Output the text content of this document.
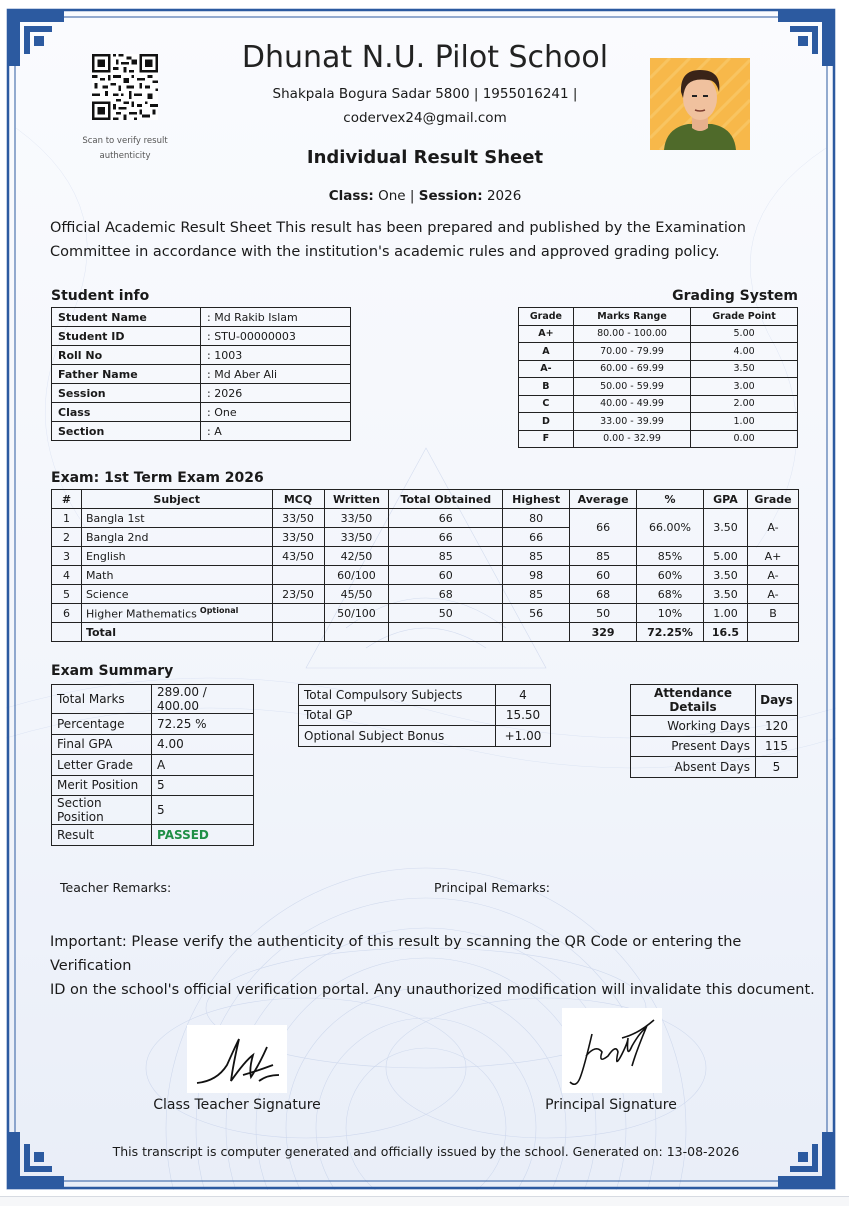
Scan to verify result
authenticity
Dhunat N.U. Pilot School
Shakpala Bogura Sadar 5800 | 1955016241 |
codervex24@gmail.com
Individual Result Sheet
Class: One | Session: 2026
Official Academic Result Sheet This result has been prepared and published by the Examination
Committee in accordance with the institution's academic rules and approved grading policy.
Student info
Student Name	: Md Rakib Islam
Student ID	: STU-00000003
Roll No	: 1003
Father Name	: Md Aber Ali
Session	: 2026
Class	: One
Section	: A
Grading System
Grade	Marks Range	Grade Point
A+	80.00 - 100.00	5.00
A	70.00 - 79.99	4.00
A-	60.00 - 69.99	3.50
B	50.00 - 59.99	3.00
C	40.00 - 49.99	2.00
D	33.00 - 39.99	1.00
F	0.00 - 32.99	0.00
Exam: 1st Term Exam 2026
#	Subject	MCQ	Written	Total Obtained	Highest	Average	%	GPA	Grade
1	Bangla 1st	33/50	33/50	66	80	66	66.00%	3.50	A-
2	Bangla 2nd	33/50	33/50	66	66				
3	English	43/50	42/50	85	85	85	85%	5.00	A+
4	Math		60/100	60	98	60	60%	3.50	A-
5	Science	23/50	45/50	68	85	68	68%	3.50	A-
6	Higher Mathematics $^{Optional}$		50/100	50	56	50	10%	1.00	B
	Total					329	72.25%	16.5	
Exam Summary
Total Marks	289.00 / 400.00
Percentage	72.25 %
Final GPA	4.00
Letter Grade	A
Merit Position	5
Section Position	5
Result	PASSED
Total Compulsory Subjects	4
Total GP	15.50
Optional Subject Bonus	+1.00
Attendance Details	Days
Working Days	120
Present Days	115
Absent Days	5
Teacher Remarks:	Principal Remarks:
Important: Please verify the authenticity of this result by scanning the QR Code or entering the Verification
ID on the school's official verification portal. Any unauthorized modification will invalidate this document.
Class Teacher Signature	Principal Signature
This transcript is computer generated and officially issued by the school. Generated on: 13-08-2026
